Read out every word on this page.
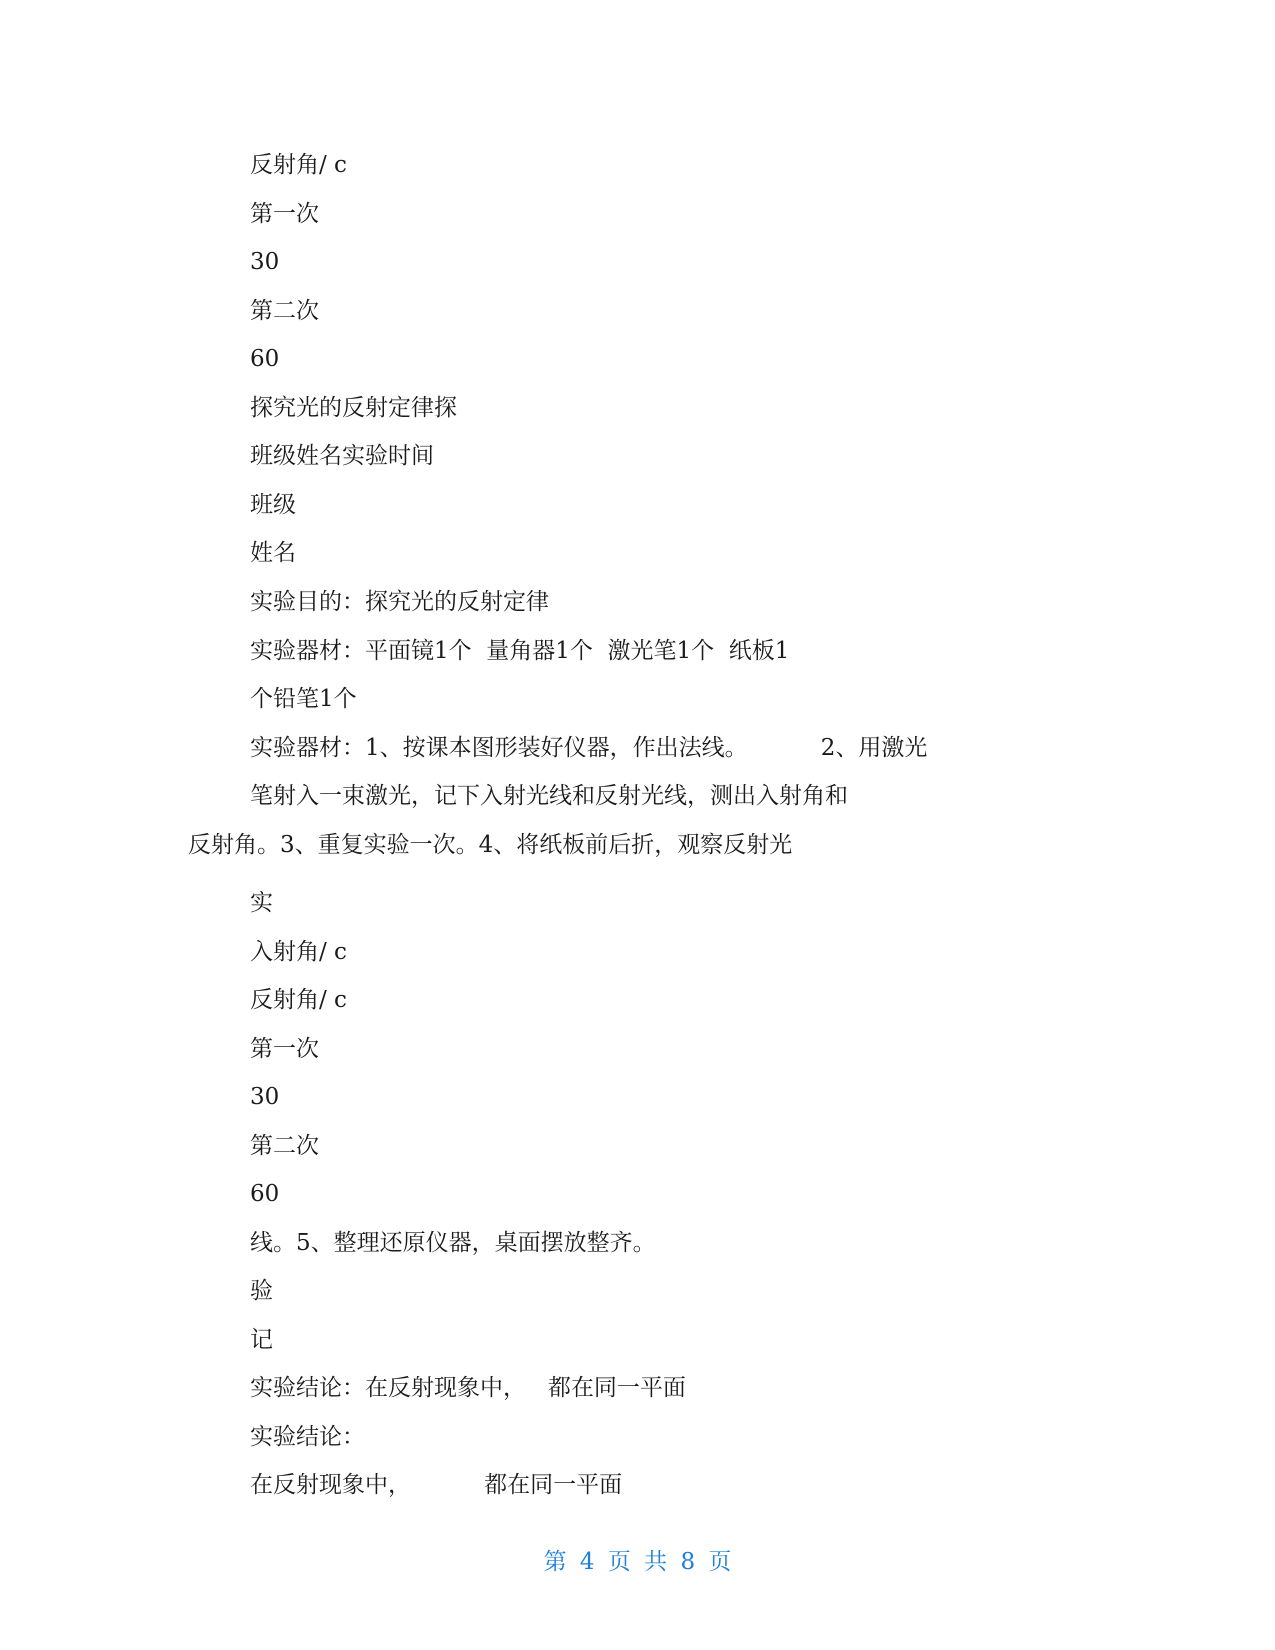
反射角/ c

第一次

30

第二次

60

探究光的反射定律探

班级姓名实验时间

班级

姓名

实验目的：探究光的反射定律

实验器材：平面镜1个  量角器1个  激光笔1个  纸板1

个铅笔1个

实验器材：1、按课本图形装好仪器，作出法线。          2、用激光

笔射入一束激光，记下入射光线和反射光线，测出入射角和

反射角。3、重复实验一次。4、将纸板前后折，观察反射光

实

入射角/ c

反射角/ c

第一次

30

第二次

60

线。5、整理还原仪器，桌面摆放整齐。

验

记

实验结论：在反射现象中，   都在同一平面

实验结论：

在反射现象中，          都在同一平面

第 4 页 共 8 页
